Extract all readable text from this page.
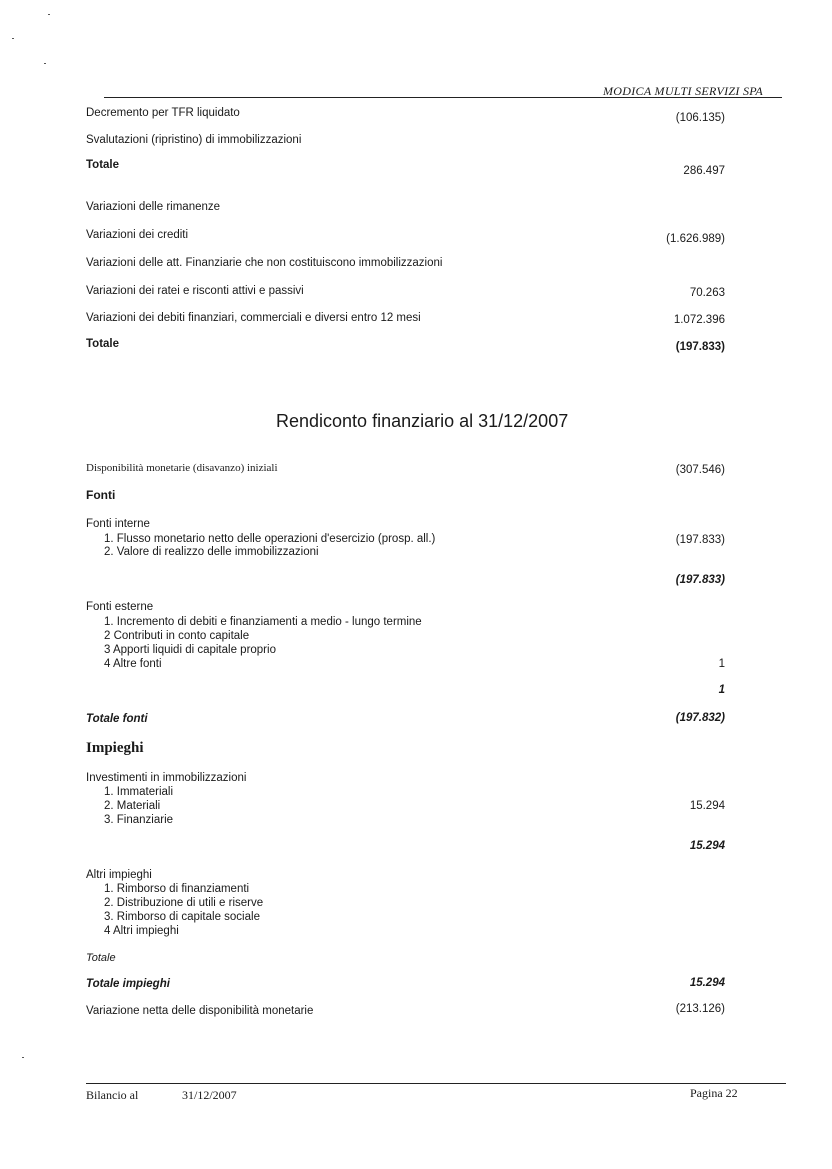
MODICA MULTI SERVIZI SPA
Decremento per TFR liquidato	(106.135)
Svalutazioni (ripristino) di immobilizzazioni
Totale	286.497
Variazioni delle rimanenze
Variazioni dei crediti	(1.626.989)
Variazioni delle att. Finanziarie che non costituiscono immobilizzazioni
Variazioni dei ratei e risconti attivi e passivi	70.263
Variazioni dei debiti finanziari, commerciali e diversi entro 12 mesi	1.072.396
Totale	(197.833)
Rendiconto finanziario al 31/12/2007
Disponibilità monetarie (disavanzo) iniziali	(307.546)
Fonti
Fonti interne
1. Flusso monetario netto delle operazioni d'esercizio (prosp. all.)	(197.833)
2. Valore di realizzo delle immobilizzazioni
(197.833)
Fonti esterne
1. Incremento di debiti e finanziamenti a medio - lungo termine
2 Contributi in conto capitale
3 Apporti liquidi di capitale proprio
4 Altre fonti	1
1
Totale fonti	(197.832)
Impieghi
Investimenti in immobilizzazioni
1. Immateriali
2. Materiali	15.294
3. Finanziarie
15.294
Altri impieghi
1. Rimborso di finanziamenti
2. Distribuzione di utili e riserve
3. Rimborso di capitale sociale
4 Altri impieghi
Totale
Totale impieghi	15.294
Variazione netta delle disponibilità monetarie	(213.126)
Bilancio al	31/12/2007	Pagina 22
